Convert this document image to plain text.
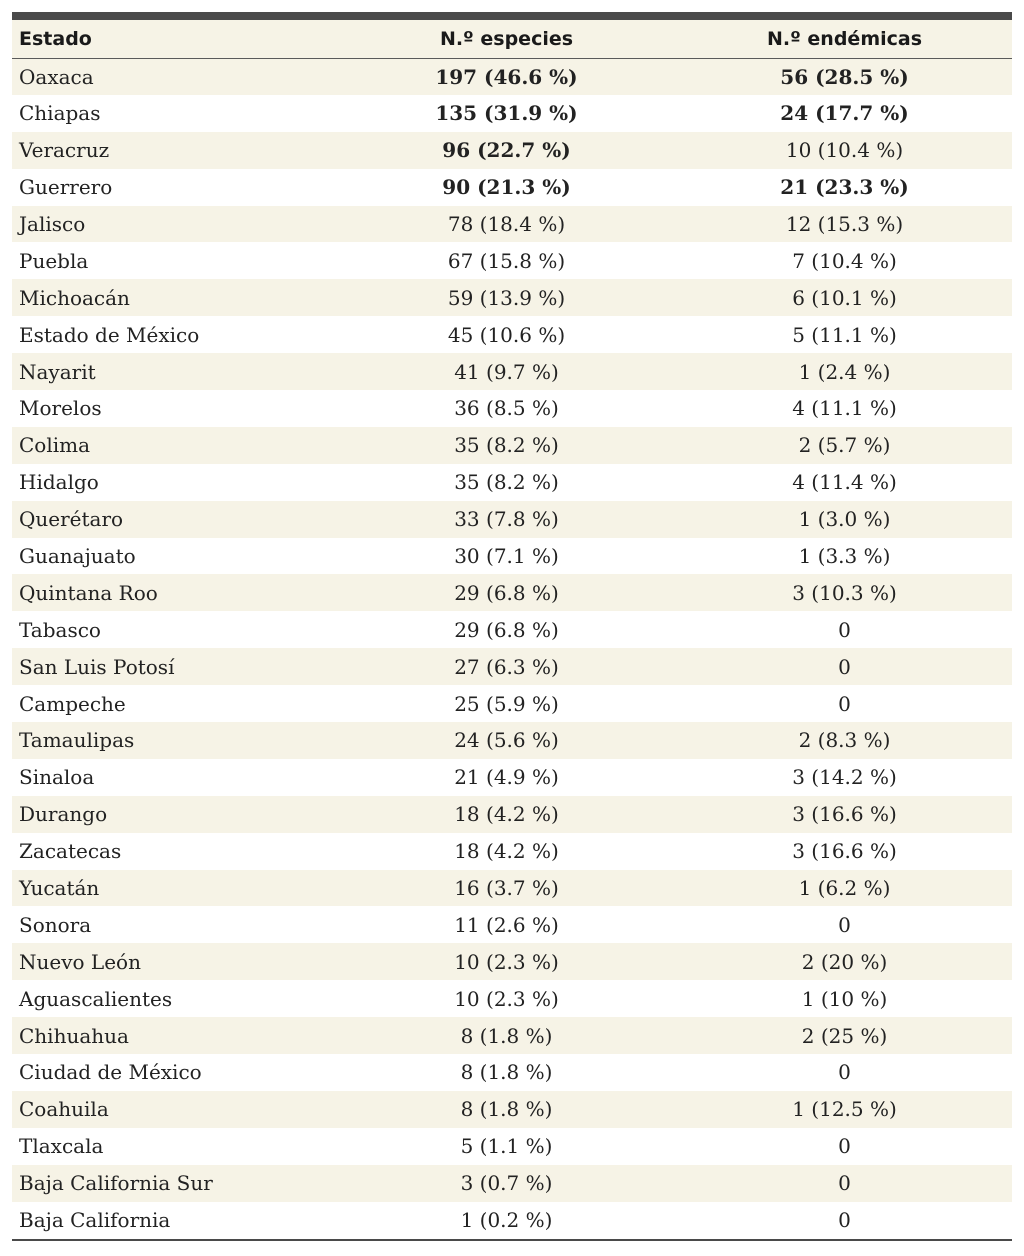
Estado	N.º especies	N.º endémicas
Oaxaca	197 (46.6 %)	56 (28.5 %)
Chiapas	135 (31.9 %)	24 (17.7 %)
Veracruz	96 (22.7 %)	10 (10.4 %)
Guerrero	90 (21.3 %)	21 (23.3 %)
Jalisco	78 (18.4 %)	12 (15.3 %)
Puebla	67 (15.8 %)	7 (10.4 %)
Michoacán	59 (13.9 %)	6 (10.1 %)
Estado de México	45 (10.6 %)	5 (11.1 %)
Nayarit	41 (9.7 %)	1 (2.4 %)
Morelos	36 (8.5 %)	4 (11.1 %)
Colima	35 (8.2 %)	2 (5.7 %)
Hidalgo	35 (8.2 %)	4 (11.4 %)
Querétaro	33 (7.8 %)	1 (3.0 %)
Guanajuato	30 (7.1 %)	1 (3.3 %)
Quintana Roo	29 (6.8 %)	3 (10.3 %)
Tabasco	29 (6.8 %)	0
San Luis Potosí	27 (6.3 %)	0
Campeche	25 (5.9 %)	0
Tamaulipas	24 (5.6 %)	2 (8.3 %)
Sinaloa	21 (4.9 %)	3 (14.2 %)
Durango	18 (4.2 %)	3 (16.6 %)
Zacatecas	18 (4.2 %)	3 (16.6 %)
Yucatán	16 (3.7 %)	1 (6.2 %)
Sonora	11 (2.6 %)	0
Nuevo León	10 (2.3 %)	2 (20 %)
Aguascalientes	10 (2.3 %)	1 (10 %)
Chihuahua	8 (1.8 %)	2 (25 %)
Ciudad de México	8 (1.8 %)	0
Coahuila	8 (1.8 %)	1 (12.5 %)
Tlaxcala	5 (1.1 %)	0
Baja California Sur	3 (0.7 %)	0
Baja California	1 (0.2 %)	0
